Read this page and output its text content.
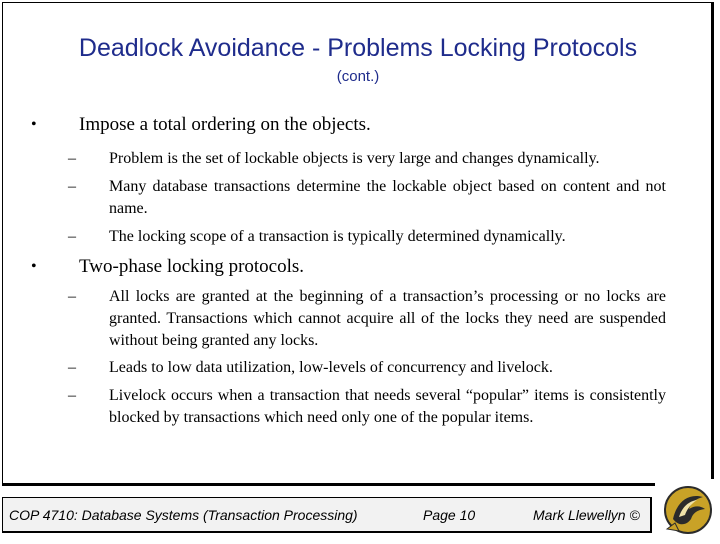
Deadlock Avoidance - Problems Locking Protocols
(cont.)
• Impose a total ordering on the objects.
– Problem is the set of lockable objects is very large and changes dynamically.
– Many database transactions determine the lockable object based on content and not name.
– The locking scope of a transaction is typically determined dynamically.
• Two-phase locking protocols.
– All locks are granted at the beginning of a transaction’s processing or no locks are granted. Transactions which cannot acquire all of the locks they need are suspended without being granted any locks.
– Leads to low data utilization, low-levels of concurrency and livelock.
– Livelock occurs when a transaction that needs several “popular” items is consistently blocked by transactions which need only one of the popular items.
COP 4710: Database Systems (Transaction Processing)	Page 10	Mark Llewellyn ©
